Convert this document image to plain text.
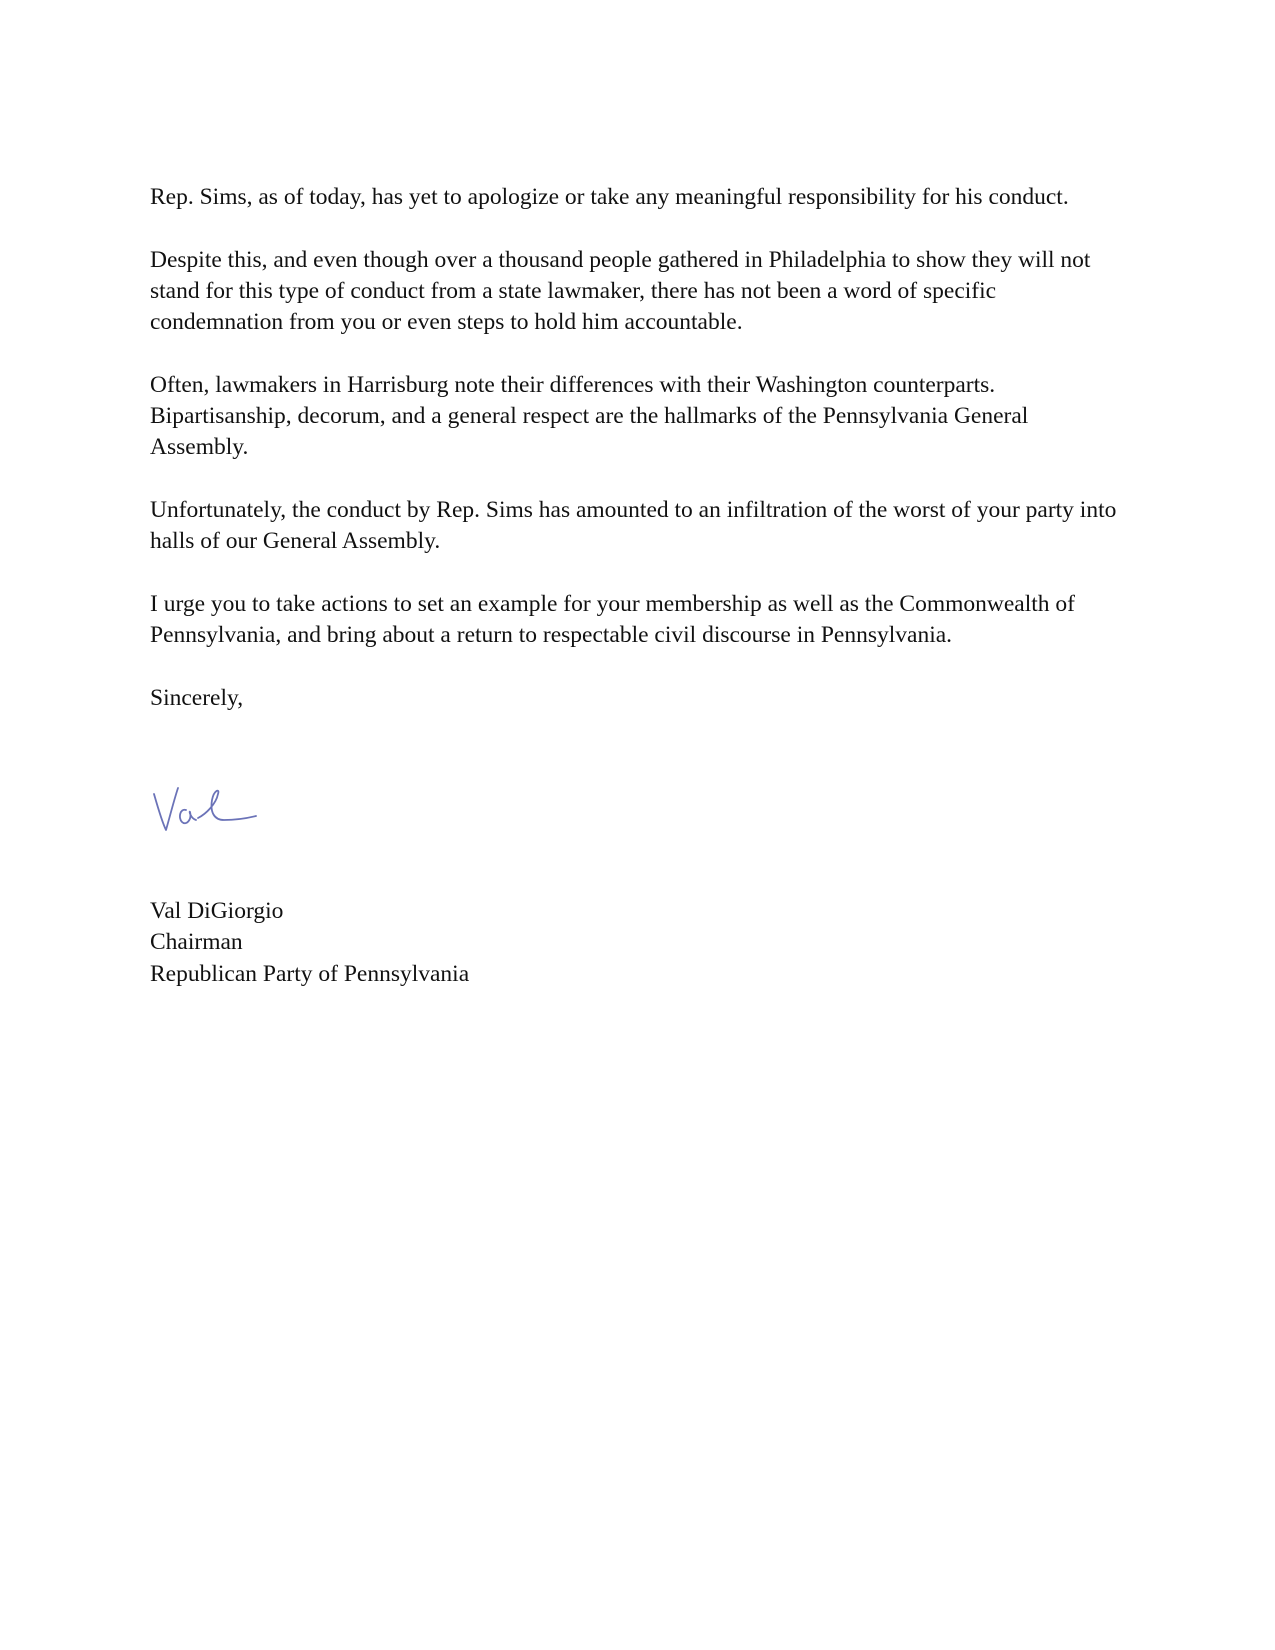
Rep. Sims, as of today, has yet to apologize or take any meaningful responsibility for his conduct.

Despite this, and even though over a thousand people gathered in Philadelphia to show they will not stand for this type of conduct from a state lawmaker, there has not been a word of specific condemnation from you or even steps to hold him accountable.

Often, lawmakers in Harrisburg note their differences with their Washington counterparts. Bipartisanship, decorum, and a general respect are the hallmarks of the Pennsylvania General Assembly.

Unfortunately, the conduct by Rep. Sims has amounted to an infiltration of the worst of your party into halls of our General Assembly.

I urge you to take actions to set an example for your membership as well as the Commonwealth of Pennsylvania, and bring about a return to respectable civil discourse in Pennsylvania.

Sincerely,

Val DiGiorgio
Chairman
Republican Party of Pennsylvania
